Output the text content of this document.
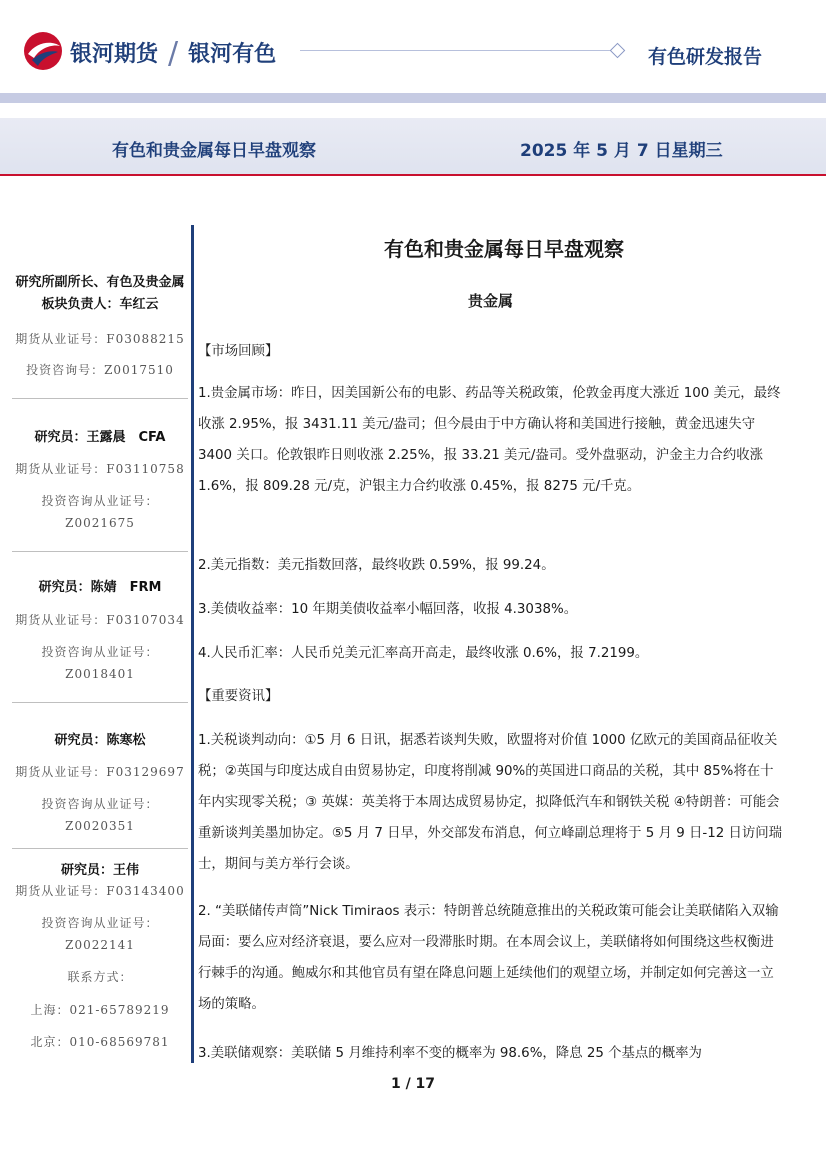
银河期货 / 银河有色	有色研发报告
有色和贵金属每日早盘观察	2025 年 5 月 7 日星期三
研究所副所长、有色及贵金属板块负责人：车红云
期货从业证号：F03088215
投资咨询号：Z0017510
研究员：王露晨　CFA
期货从业证号：F03110758
投资咨询从业证号：
Z0021675
研究员：陈婧　FRM
期货从业证号：F03107034
投资咨询从业证号：
Z0018401
研究员：陈寒松
期货从业证号：F03129697
投资咨询从业证号：
Z0020351
研究员：王伟
期货从业证号：F03143400
投资咨询从业证号：
Z0022141
联系方式：
上海：021-65789219
北京：010-68569781
有色和贵金属每日早盘观察
贵金属
【市场回顾】
1.贵金属市场：昨日，因美国新公布的电影、药品等关税政策，伦敦金再度大涨近 100 美元，最终收涨 2.95%，报 3431.11 美元/盎司；但今晨由于中方确认将和美国进行接触，黄金迅速失守 3400 关口。伦敦银昨日则收涨 2.25%，报 33.21 美元/盎司。受外盘驱动，沪金主力合约收涨 1.6%，报 809.28 元/克，沪银主力合约收涨 0.45%，报 8275 元/千克。
2.美元指数：美元指数回落，最终收跌 0.59%，报 99.24。
3.美债收益率：10 年期美债收益率小幅回落，收报 4.3038%。
4.人民币汇率：人民币兑美元汇率高开高走，最终收涨 0.6%，报 7.2199。
【重要资讯】
1.关税谈判动向：①5 月 6 日讯，据悉若谈判失败，欧盟将对价值 1000 亿欧元的美国商品征收关税；②英国与印度达成自由贸易协定，印度将削减 90%的英国进口商品的关税，其中 85%将在十年内实现零关税；③ 英媒：英美将于本周达成贸易协定，拟降低汽车和钢铁关税 ④特朗普：可能会重新谈判美墨加协定。⑤5 月 7 日早，外交部发布消息，何立峰副总理将于 5 月 9 日-12 日访问瑞士，期间与美方举行会谈。
2. “美联储传声筒”Nick Timiraos 表示：特朗普总统随意推出的关税政策可能会让美联储陷入双输局面：要么应对经济衰退，要么应对一段滞胀时期。在本周会议上，美联储将如何围绕这些权衡进行棘手的沟通。鲍威尔和其他官员有望在降息问题上延续他们的观望立场，并制定如何完善这一立场的策略。
3.美联储观察：美联储 5 月维持利率不变的概率为 98.6%，降息 25 个基点的概率为
1 / 17
